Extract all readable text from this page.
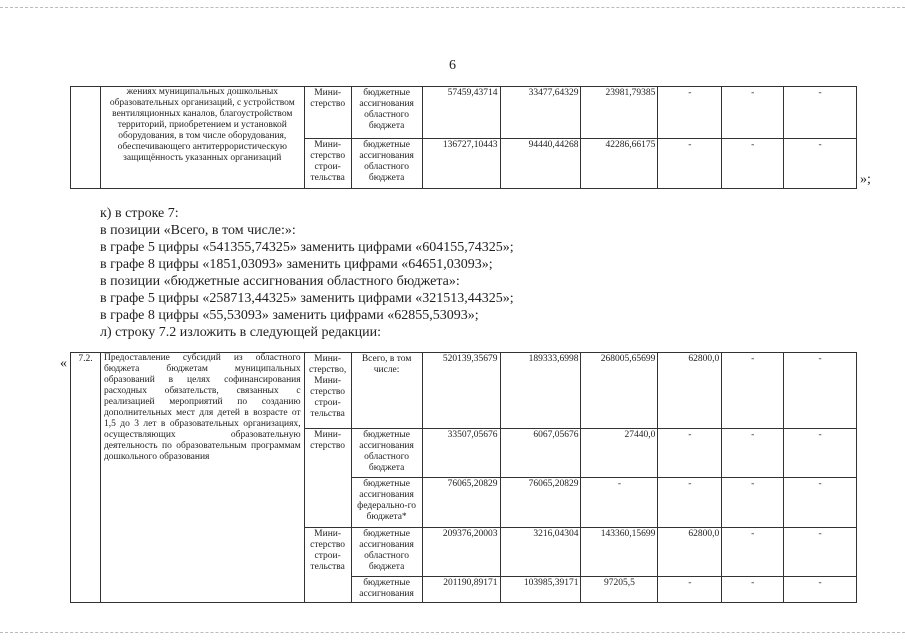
6
	жениях муниципальных дошкольных образовательных организаций, с устройством вентиляционных каналов, благоустройством территорий, приобретением и установкой оборудования, в том числе оборудования, обеспечивающего антитеррористическую защищённость указанных организаций	Мини-стерство	бюджетные ассигнования областного бюджета	57459,43714	33477,64329	23981,79385	-	-	-
		Мини-стерство строи-тельства	бюджетные ассигнования областного бюджета	136727,10443	94440,44268	42286,66175	-	-	-
»;
к) в строке 7:
в позиции «Всего, в том числе:»:
в графе 5 цифры «541355,74325» заменить цифрами «604155,74325»;
в графе 8 цифры «1851,03093» заменить цифрами «64651,03093»;
в позиции «бюджетные ассигнования областного бюджета»:
в графе 5 цифры «258713,44325» заменить цифрами «321513,44325»;
в графе 8 цифры «55,53093» заменить цифрами «62855,53093»;
л) строку 7.2 изложить в следующей редакции:
« 7.2.	Предоставление субсидий из областного бюджета бюджетам муниципальных образований в целях софинансирования расходных обязательств, связанных с реализацией мероприятий по созданию дополнительных мест для детей в возрасте от 1,5 до 3 лет в образовательных организациях, осуществляющих образовательную деятельность по образовательным программам дошкольного образования	Мини-стерство, Мини-стерство строи-тельства	Всего, в том числе:	520139,35679	189333,6998	268005,65699	62800,0	-	-
		Мини-стерство	бюджетные ассигнования областного бюджета	33507,05676	6067,05676	27440,0	-	-	-
			бюджетные ассигнования федерально-го бюджета*	76065,20829	76065,20829	-	-	-	-
		Мини-стерство строи-тельства	бюджетные ассигнования областного бюджета	209376,20003	3216,04304	143360,15699	62800,0	-	-
			бюджетные ассигнования	201190,89171	103985,39171	97205,5	-	-	-
